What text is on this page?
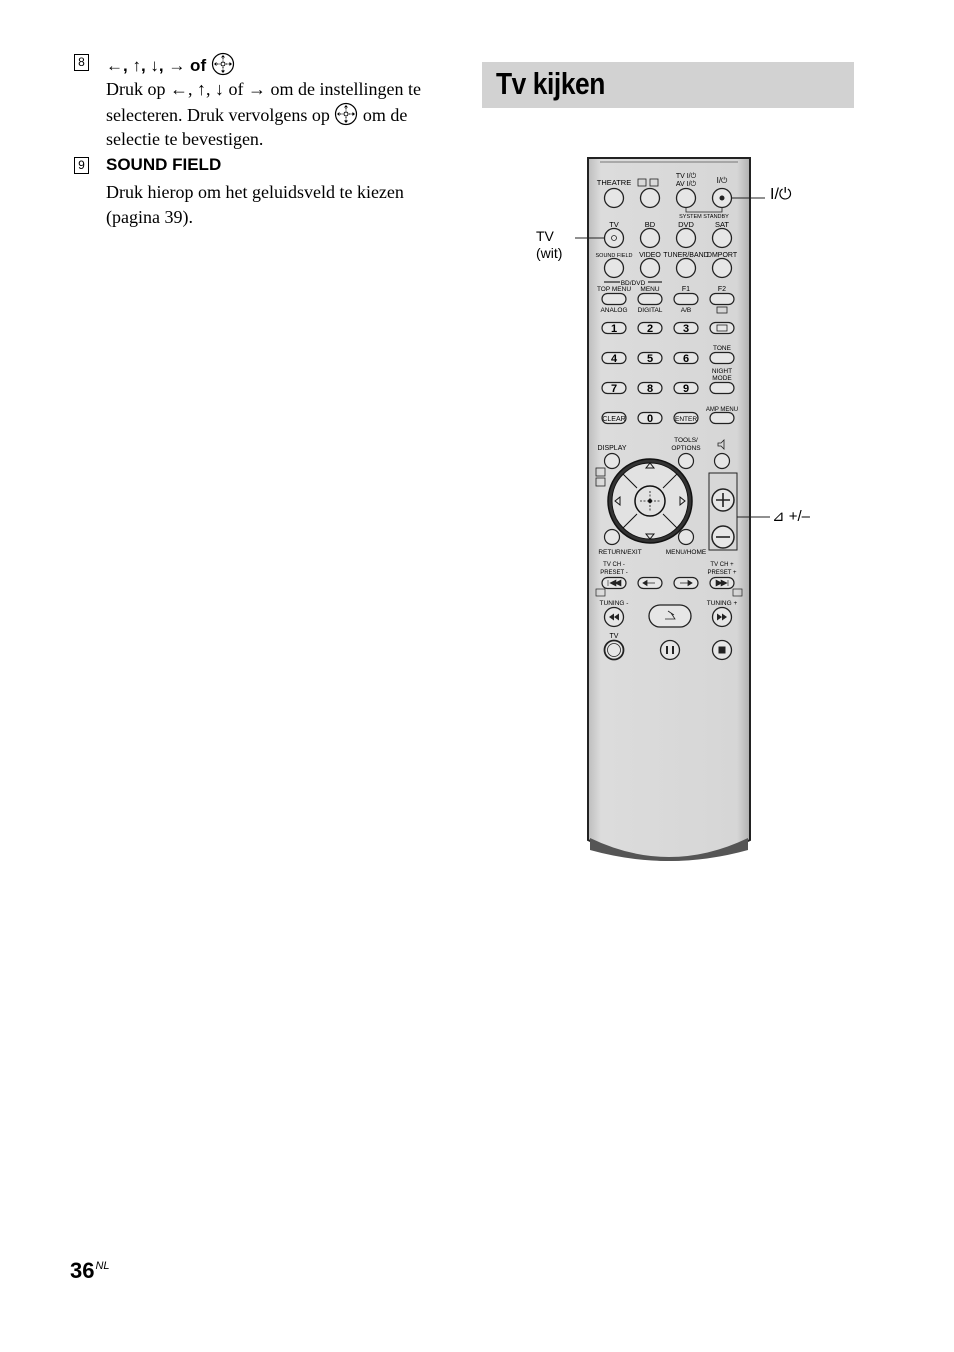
8 ←, ↑, ↓, → of
Druk op ←, ↑, ↓ of → om de instellingen te selecteren. Druk vervolgens op  om de selectie te bevestigen.
9 SOUND FIELD
Druk hierop om het geluidsveld te kiezen (pagina 39).
Tv kijken
I/⏻
TV
(wit)
⊿ +/–
THEATRE
TV I/⏻
AV I/⏻	I/⏻
SYSTEM STANDBY
TV	BD	DVD	SAT
SOUND FIELD VIDEO TUNER/BAND
DMPORT
BD/DVD
TOP MENU MENU	F1	F2
ANALOG DIGITAL	A/B
1	2	3
TONE
4	5	6
NIGHT
MODE
7	8	9
AMP MENU
CLEAR 0	ENTER
DISPLAY
TOOLS/
OPTIONS
RETURN/EXIT	MENU/HOME
TV CH -
PRESET -
TV CH +
PRESET +
TUNING -	TUNING +
TV
$36^{NL}$
